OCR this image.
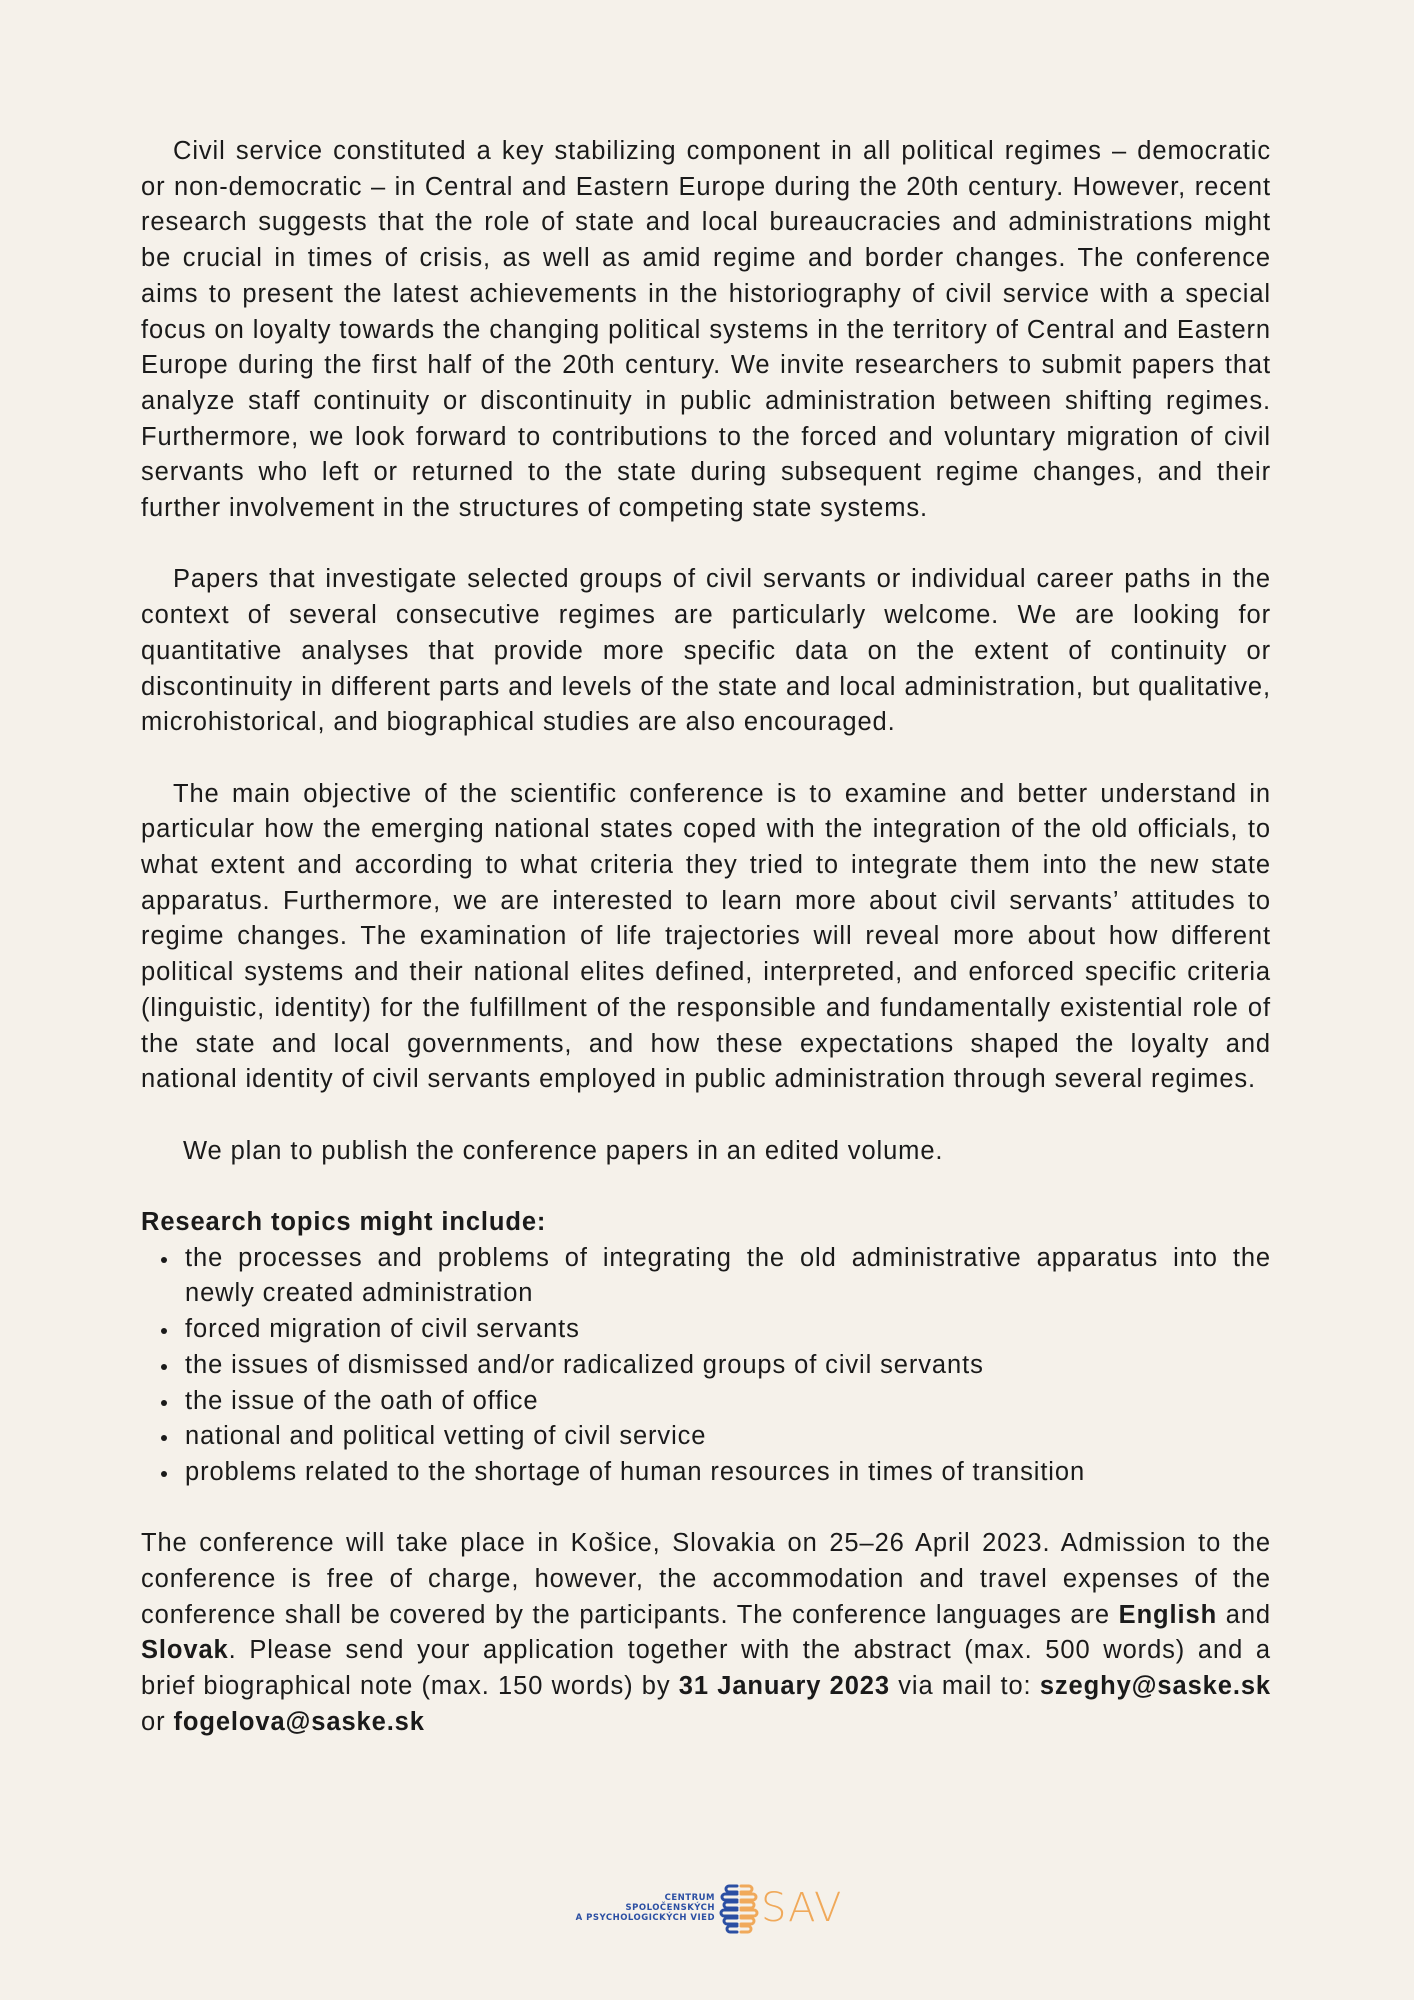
Civil service constituted a key stabilizing component in all political regimes – democratic or non-democratic – in Central and Eastern Europe during the 20th century. However, recent research suggests that the role of state and local bureaucracies and administrations might be crucial in times of crisis, as well as amid regime and border changes. The conference aims to present the latest achievements in the historiography of civil service with a special focus on loyalty towards the changing political systems in the territory of Central and Eastern Europe during the first half of the 20th century. We invite researchers to submit papers that analyze staff continuity or discontinuity in public administration between shifting regimes. Furthermore, we look forward to contributions to the forced and voluntary migration of civil servants who left or returned to the state during subsequent regime changes, and their further involvement in the structures of competing state systems.

Papers that investigate selected groups of civil servants or individual career paths in the context of several consecutive regimes are particularly welcome. We are looking for quantitative analyses that provide more specific data on the extent of continuity or discontinuity in different parts and levels of the state and local administration, but qualitative, microhistorical, and biographical studies are also encouraged.

The main objective of the scientific conference is to examine and better understand in particular how the emerging national states coped with the integration of the old officials, to what extent and according to what criteria they tried to integrate them into the new state apparatus. Furthermore, we are interested to learn more about civil servants’ attitudes to regime changes. The examination of life trajectories will reveal more about how different political systems and their national elites defined, interpreted, and enforced specific criteria (linguistic, identity) for the fulfillment of the responsible and fundamentally existential role of the state and local governments, and how these expectations shaped the loyalty and national identity of civil servants employed in public administration through several regimes.

We plan to publish the conference papers in an edited volume.

Research topics might include:

the processes and problems of integrating the old administrative apparatus into the newly created administration
forced migration of civil servants
the issues of dismissed and/or radicalized groups of civil servants
the issue of the oath of office
national and political vetting of civil service
problems related to the shortage of human resources in times of transition

The conference will take place in Košice, Slovakia on 25–26 April 2023. Admission to the conference is free of charge, however, the accommodation and travel expenses of the conference shall be covered by the participants. The conference languages are English and Slovak. Please send your application together with the abstract (max. 500 words) and a brief biographical note (max. 150 words) by 31 January 2023 via mail to: szeghy@saske.sk or fogelova@saske.sk

CENTRUM
SPOLOČENSKÝCH
A PSYCHOLOGICKÝCH VIED SAV
